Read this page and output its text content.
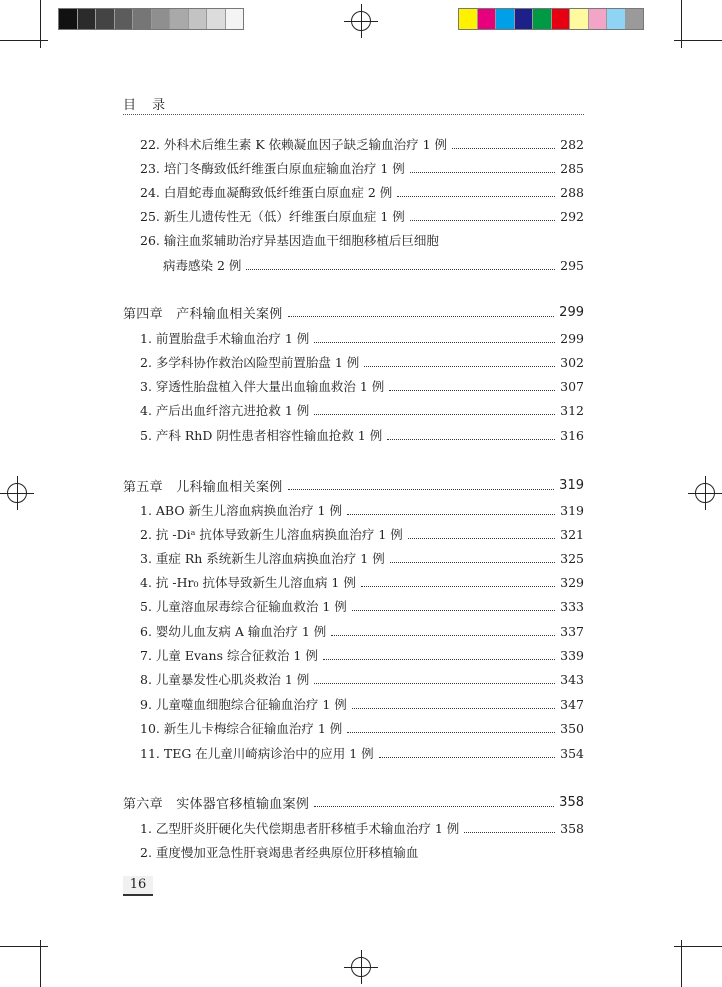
目 录
22. 外科术后维生素 K 依赖凝血因子缺乏输血治疗 1 例	282
23. 培门冬酶致低纤维蛋白原血症输血治疗 1 例	285
24. 白眉蛇毒血凝酶致低纤维蛋白原血症 2 例	288
25. 新生儿遗传性无（低）纤维蛋白原血症 1 例	292
26. 输注血浆辅助治疗异基因造血干细胞移植后巨细胞
病毒感染 2 例	295
第四章　产科输血相关案例	299
1. 前置胎盘手术输血治疗 1 例	299
2. 多学科协作救治凶险型前置胎盘 1 例	302
3. 穿透性胎盘植入伴大量出血输血救治 1 例	307
4. 产后出血纤溶亢进抢救 1 例	312
5. 产科 RhD 阴性患者相容性输血抢救 1 例	316
第五章　儿科输血相关案例	319
1. ABO 新生儿溶血病换血治疗 1 例	319
2. 抗 -Diᵃ 抗体导致新生儿溶血病换血治疗 1 例	321
3. 重症 Rh 系统新生儿溶血病换血治疗 1 例	325
4. 抗 -Hr₀ 抗体导致新生儿溶血病 1 例	329
5. 儿童溶血尿毒综合征输血救治 1 例	333
6. 婴幼儿血友病 A 输血治疗 1 例	337
7. 儿童 Evans 综合征救治 1 例	339
8. 儿童暴发性心肌炎救治 1 例	343
9. 儿童噬血细胞综合征输血治疗 1 例	347
10. 新生儿卡梅综合征输血治疗 1 例	350
11. TEG 在儿童川崎病诊治中的应用 1 例	354
第六章　实体器官移植输血案例	358
1. 乙型肝炎肝硬化失代偿期患者肝移植手术输血治疗 1 例	358
2. 重度慢加亚急性肝衰竭患者经典原位肝移植输血
16
